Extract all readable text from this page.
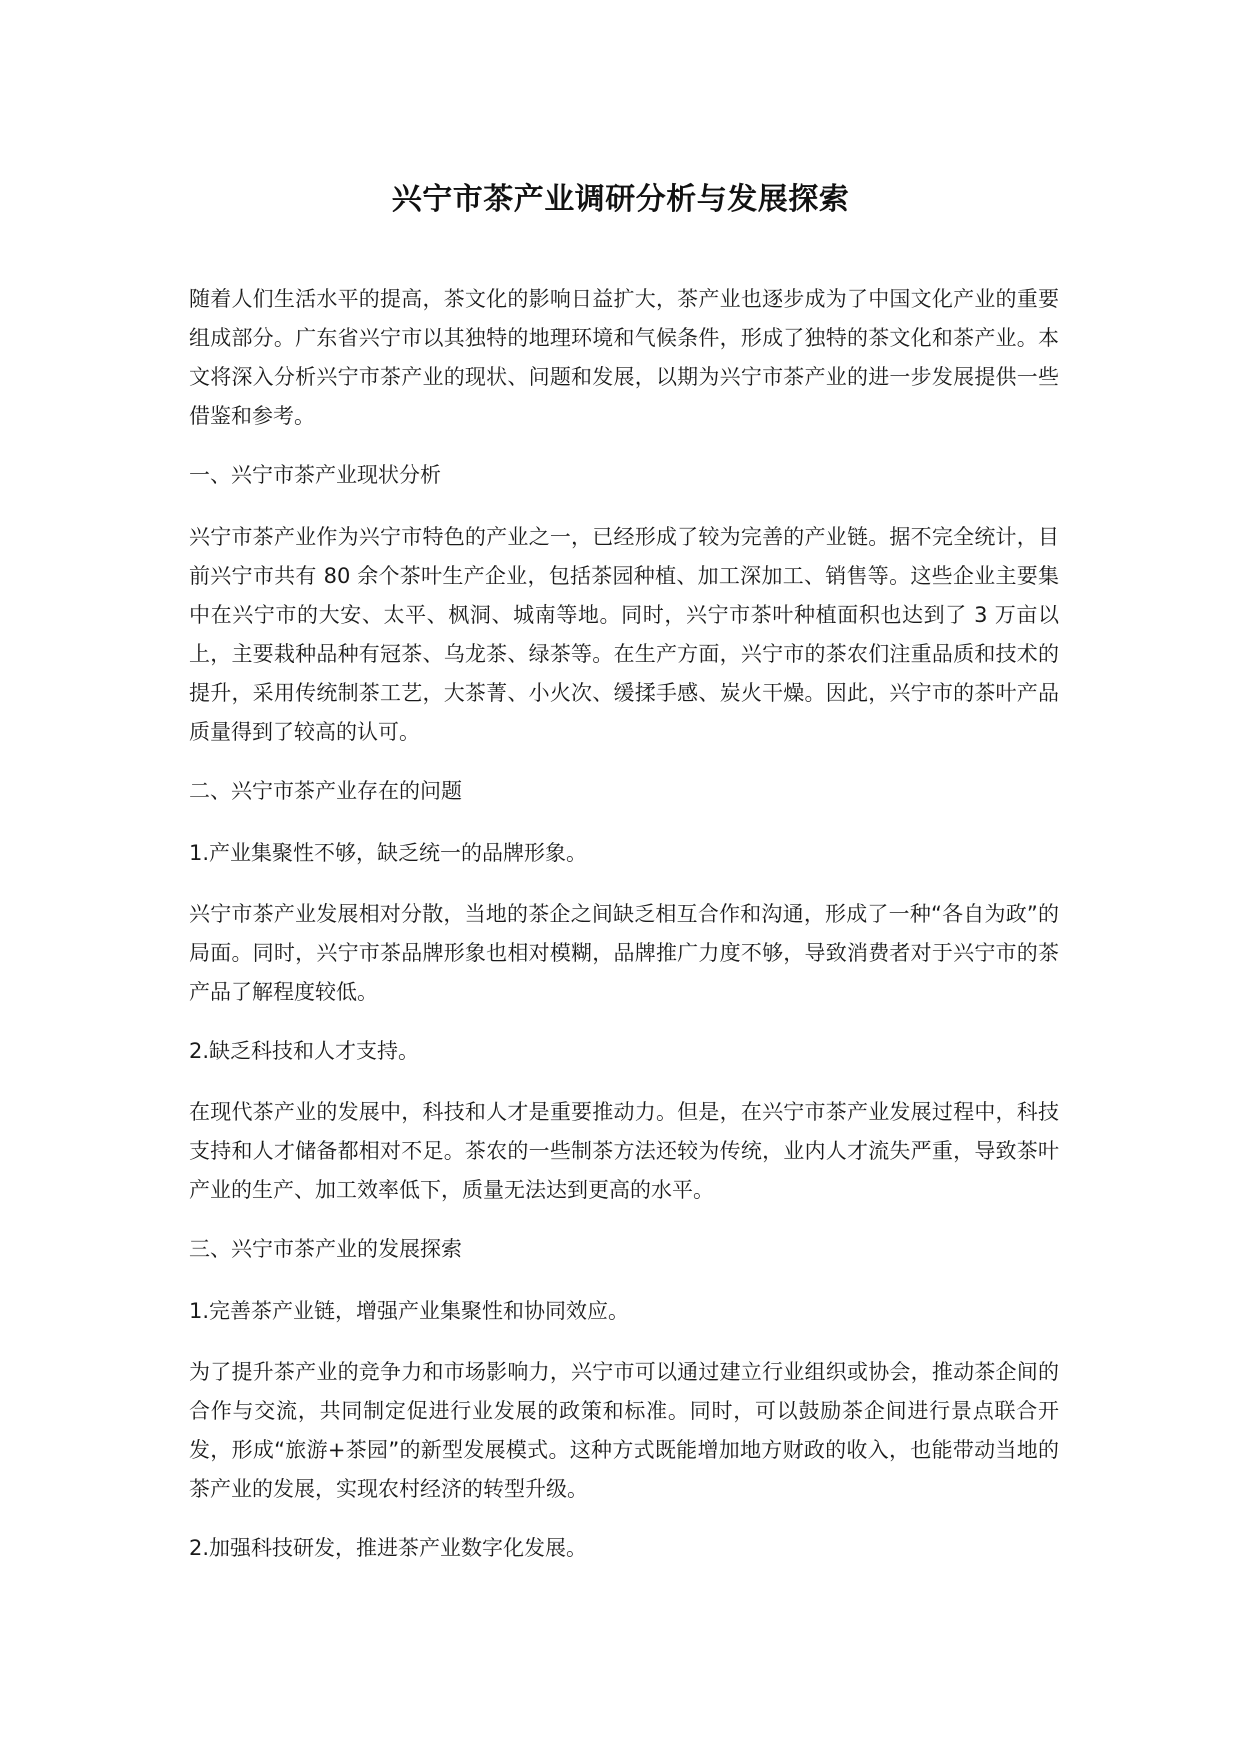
兴宁市茶产业调研分析与发展探索

随着人们生活水平的提高，茶文化的影响日益扩大，茶产业也逐步成为了中国文化产业的重要组成部分。广东省兴宁市以其独特的地理环境和气候条件，形成了独特的茶文化和茶产业。本文将深入分析兴宁市茶产业的现状、问题和发展，以期为兴宁市茶产业的进一步发展提供一些借鉴和参考。

一、兴宁市茶产业现状分析

兴宁市茶产业作为兴宁市特色的产业之一，已经形成了较为完善的产业链。据不完全统计，目前兴宁市共有 80 余个茶叶生产企业，包括茶园种植、加工深加工、销售等。这些企业主要集中在兴宁市的大安、太平、枫洞、城南等地。同时，兴宁市茶叶种植面积也达到了 3 万亩以上，主要栽种品种有冠茶、乌龙茶、绿茶等。在生产方面，兴宁市的茶农们注重品质和技术的提升，采用传统制茶工艺，大茶菁、小火次、缓揉手感、炭火干燥。因此，兴宁市的茶叶产品质量得到了较高的认可。

二、兴宁市茶产业存在的问题

1.产业集聚性不够，缺乏统一的品牌形象。

兴宁市茶产业发展相对分散，当地的茶企之间缺乏相互合作和沟通，形成了一种“各自为政”的局面。同时，兴宁市茶品牌形象也相对模糊，品牌推广力度不够，导致消费者对于兴宁市的茶产品了解程度较低。

2.缺乏科技和人才支持。

在现代茶产业的发展中，科技和人才是重要推动力。但是，在兴宁市茶产业发展过程中，科技支持和人才储备都相对不足。茶农的一些制茶方法还较为传统，业内人才流失严重，导致茶叶产业的生产、加工效率低下，质量无法达到更高的水平。

三、兴宁市茶产业的发展探索

1.完善茶产业链，增强产业集聚性和协同效应。

为了提升茶产业的竞争力和市场影响力，兴宁市可以通过建立行业组织或协会，推动茶企间的合作与交流，共同制定促进行业发展的政策和标准。同时，可以鼓励茶企间进行景点联合开发，形成“旅游+茶园”的新型发展模式。这种方式既能增加地方财政的收入，也能带动当地的茶产业的发展，实现农村经济的转型升级。

2.加强科技研发，推进茶产业数字化发展。
